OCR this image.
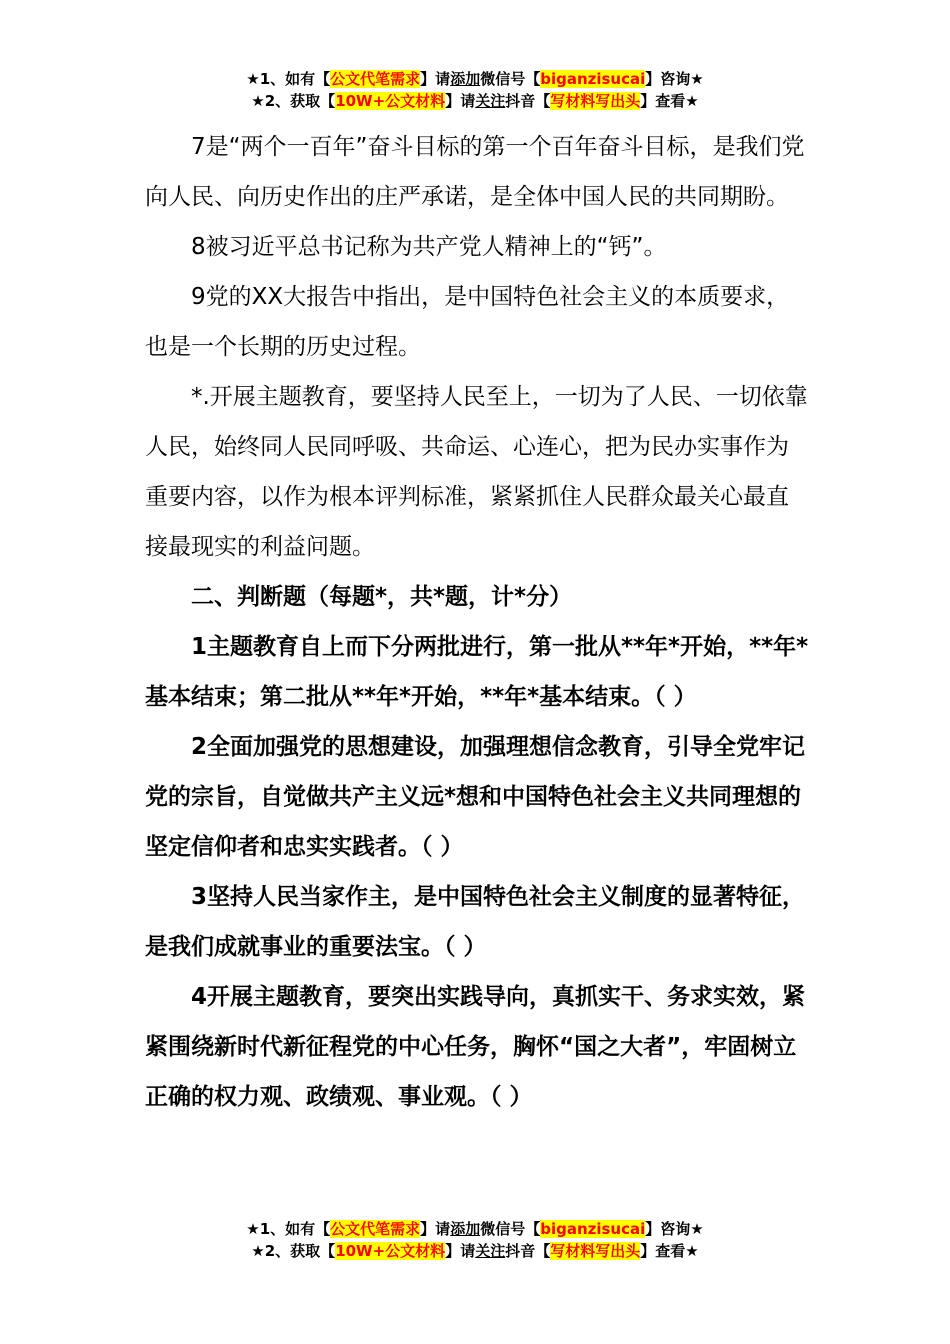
★1、如有【公文代笔需求】请添加微信号【biganzisucai】咨询★
★2、获取【10W+公文材料】请关注抖音【写材料写出头】查看★

7是“两个一百年”奋斗目标的第一个百年奋斗目标，是我们党向人民、向历史作出的庄严承诺，是全体中国人民的共同期盼。

8被习近平总书记称为共产党人精神上的“钙”。

9党的XX大报告中指出，是中国特色社会主义的本质要求，也是一个长期的历史过程。

*.开展主题教育，要坚持人民至上，一切为了人民、一切依靠人民，始终同人民同呼吸、共命运、心连心，把为民办实事作为重要内容，以作为根本评判标准，紧紧抓住人民群众最关心最直接最现实的利益问题。

二、判断题（每题*，共*题，计*分）

1主题教育自上而下分两批进行，第一批从**年*开始，**年*基本结束；第二批从**年*开始，**年*基本结束。（ ）

2全面加强党的思想建设，加强理想信念教育，引导全党牢记党的宗旨，自觉做共产主义远*想和中国特色社会主义共同理想的坚定信仰者和忠实实践者。（ ）

3坚持人民当家作主，是中国特色社会主义制度的显著特征，是我们成就事业的重要法宝。（ ）

4开展主题教育，要突出实践导向，真抓实干、务求实效，紧紧围绕新时代新征程党的中心任务，胸怀“国之大者”，牢固树立正确的权力观、政绩观、事业观。（ ）

★1、如有【公文代笔需求】请添加微信号【biganzisucai】咨询★
★2、获取【10W+公文材料】请关注抖音【写材料写出头】查看★
